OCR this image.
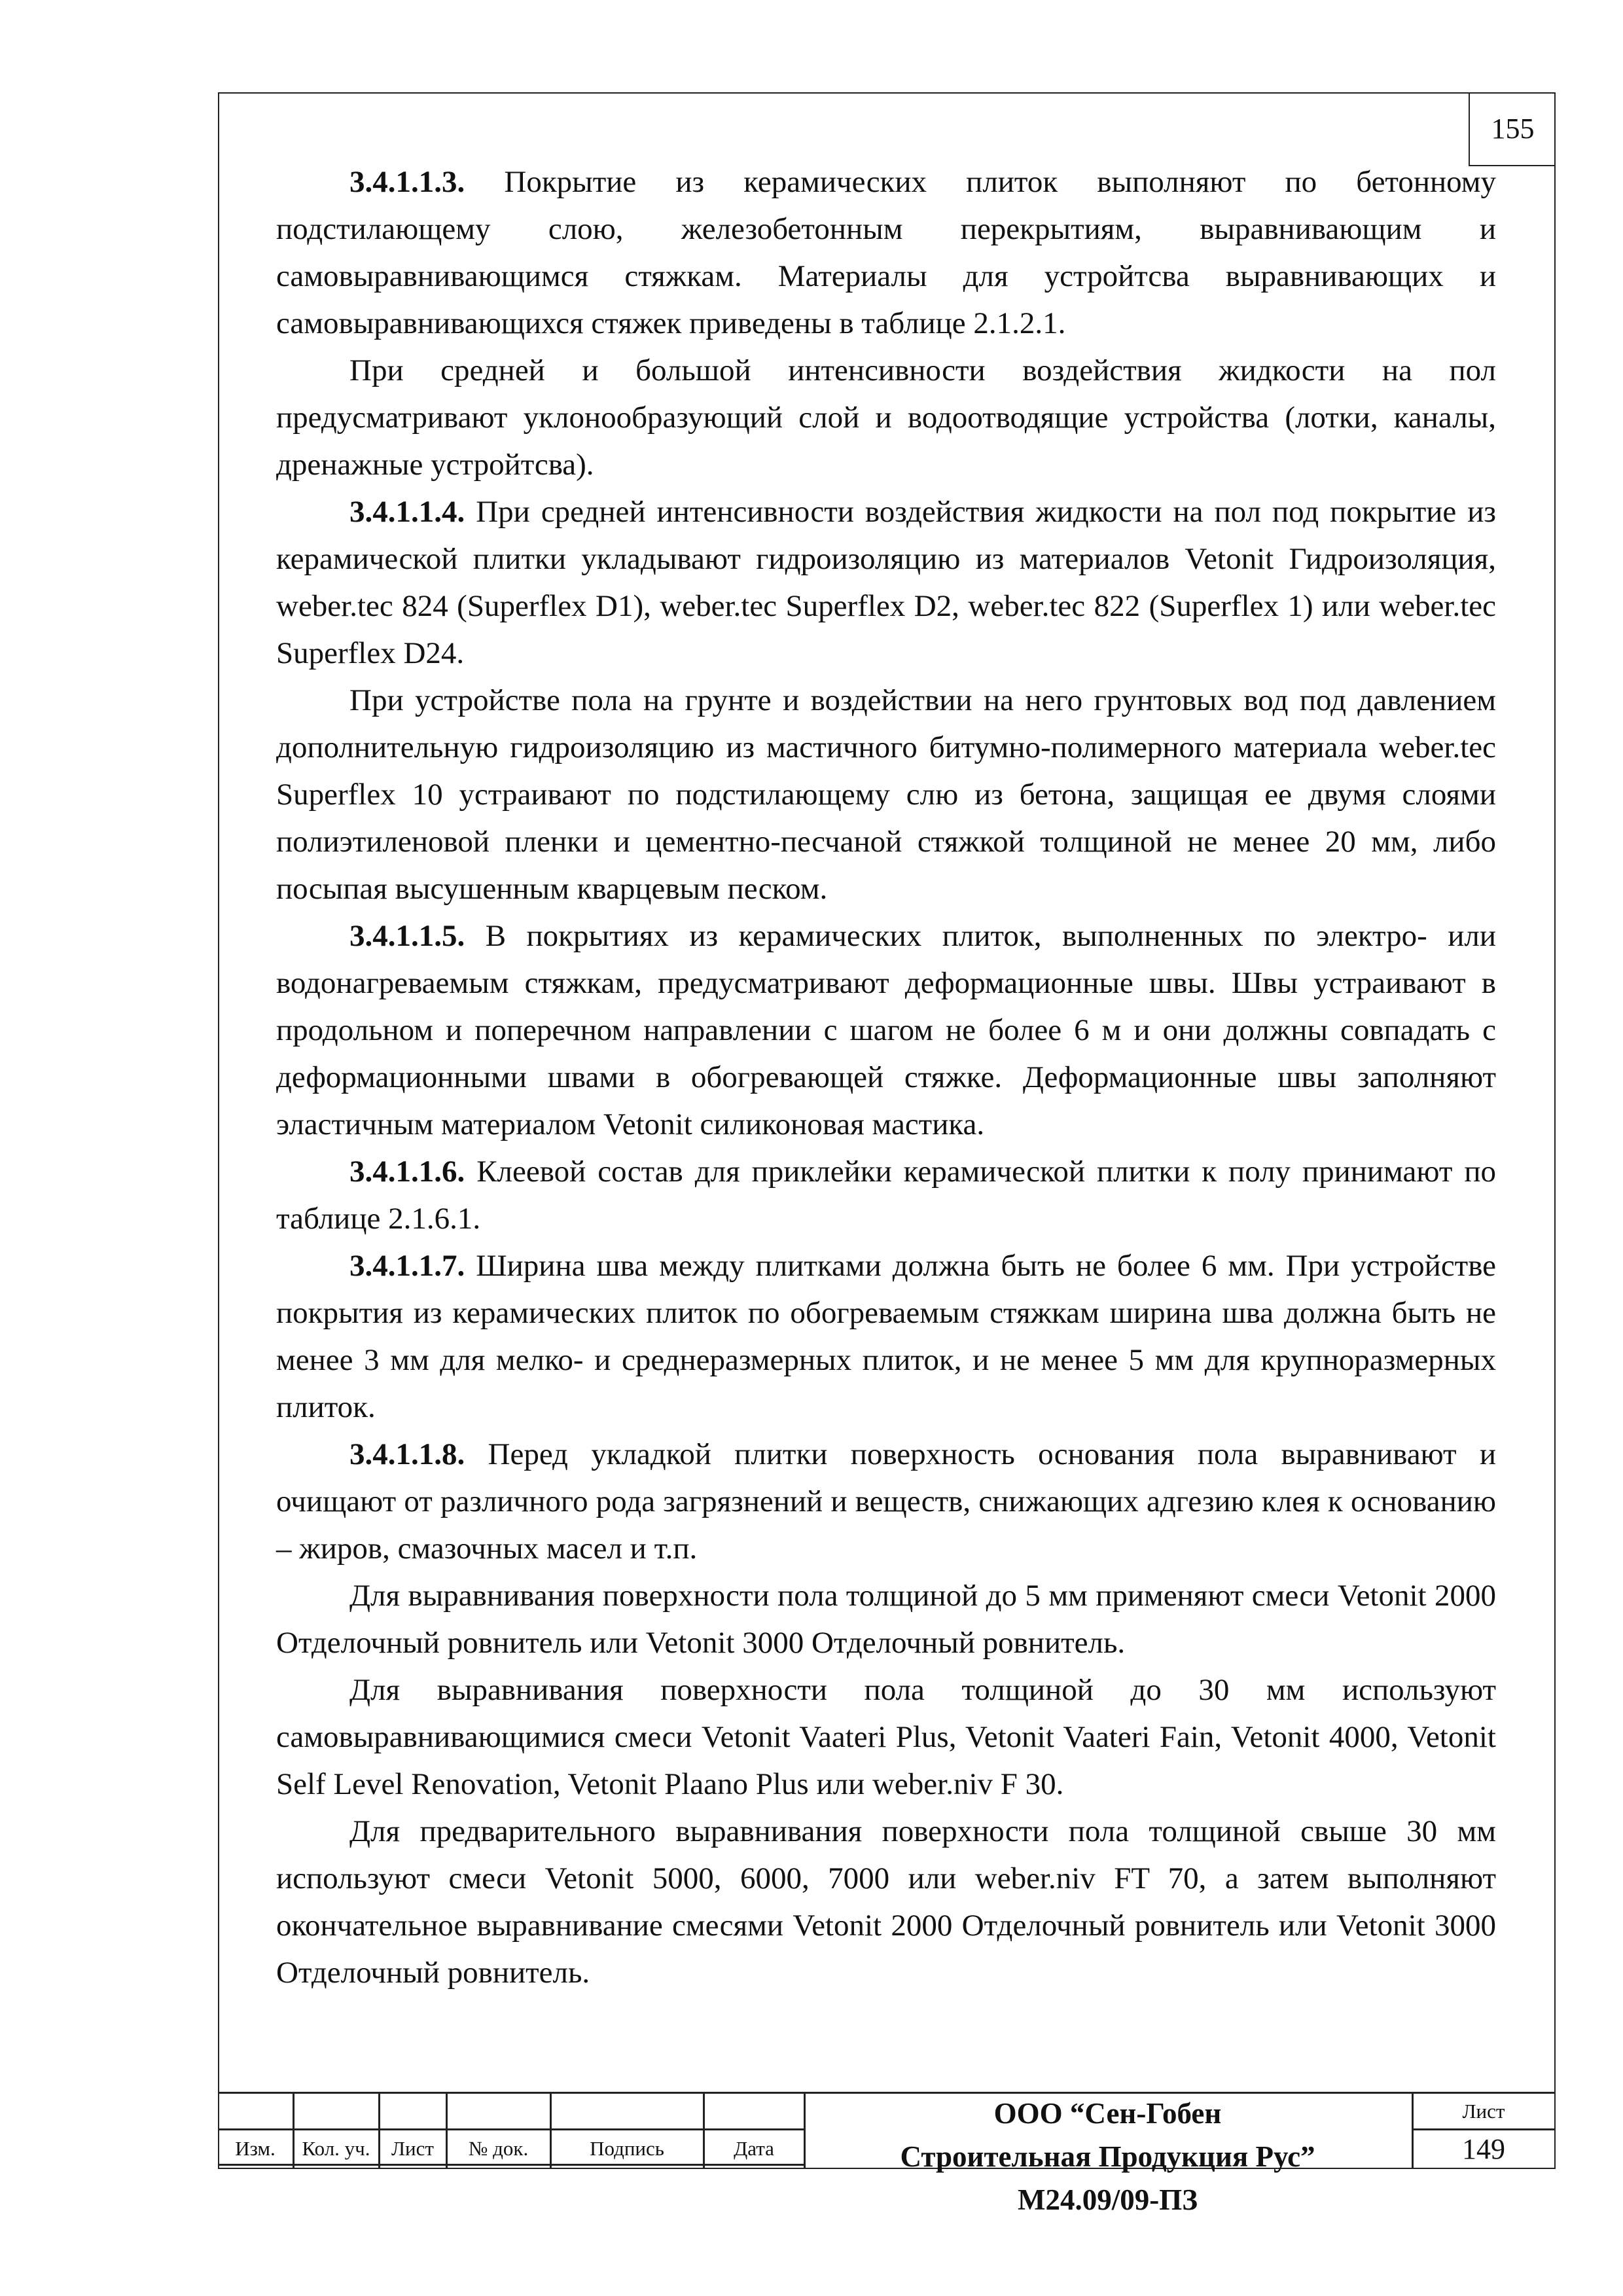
155

3.4.1.1.3. Покрытие из керамических плиток выполняют по бетонному подстилающему слою, железобетонным перекрытиям, выравнивающим и самовыравнивающимся стяжкам. Материалы для устройтсва выравнивающих и самовыравнивающихся стяжек приведены в таблице 2.1.2.1.

При средней и большой интенсивности воздействия жидкости на пол предусматривают уклонообразующий слой и водоотводящие устройства (лотки, каналы, дренажные устройтсва).

3.4.1.1.4. При средней интенсивности воздействия жидкости на пол под покрытие из керамической плитки укладывают гидроизоляцию из материалов Vetonit Гидроизоляция, weber.tec 824 (Superflex D1), weber.tec Superflex D2, weber.tec 822 (Superflex 1) или weber.tec Superflex D24.

При устройстве пола на грунте и воздействии на него грунтовых вод под давлением дополнительную гидроизоляцию из мастичного битумно-полимерного материала weber.tec Superflex 10 устраивают по подстилающему слю из бетона, защищая ее двумя слоями полиэтиленовой пленки и цементно-песчаной стяжкой толщиной не менее 20 мм, либо посыпая высушенным кварцевым песком.

3.4.1.1.5. В покрытиях из керамических плиток, выполненных по электро- или водонагреваемым стяжкам, предусматривают деформационные швы. Швы устраивают в продольном и поперечном направлении с шагом не более 6 м и они должны совпадать с деформационными швами в обогревающей стяжке. Деформационные швы заполняют эластичным материалом Vetonit силиконовая мастика.

3.4.1.1.6. Клеевой состав для приклейки керамической плитки к полу принимают по таблице 2.1.6.1.

3.4.1.1.7. Ширина шва между плитками должна быть не более 6 мм. При устройстве покрытия из керамических плиток по обогреваемым стяжкам ширина шва должна быть не менее 3 мм для мелко- и среднеразмерных плиток, и не менее 5 мм для крупноразмерных плиток.

3.4.1.1.8. Перед укладкой плитки поверхность основания пола выравнивают и очищают от различного рода загрязнений и веществ, снижающих адгезию клея к основанию – жиров, смазочных масел и т.п.

Для выравнивания поверхности пола толщиной до 5 мм применяют смеси Vetonit 2000 Отделочный ровнитель или Vetonit 3000 Отделочный ровнитель.

Для выравнивания поверхности пола толщиной до 30 мм используют самовыравнивающимися смеси Vetonit Vaateri Plus, Vetonit Vaateri Fain, Vetonit 4000, Vetonit Self Level Renovation, Vetonit Plaano Plus или weber.niv F 30.

Для предварительного выравнивания поверхности пола толщиной свыше 30 мм используют смеси Vetonit 5000, 6000, 7000 или weber.niv FT 70, а затем выполняют окончательное выравнивание смесями Vetonit 2000 Отделочный ровнитель или Vetonit 3000 Отделочный ровнитель.

Изм.	Кол. уч.	Лист	№ док.	Подпись	Дата
ООО “Сен-Гобен
Строительная Продукция Рус”
М24.09/09-ПЗ
Лист
149
